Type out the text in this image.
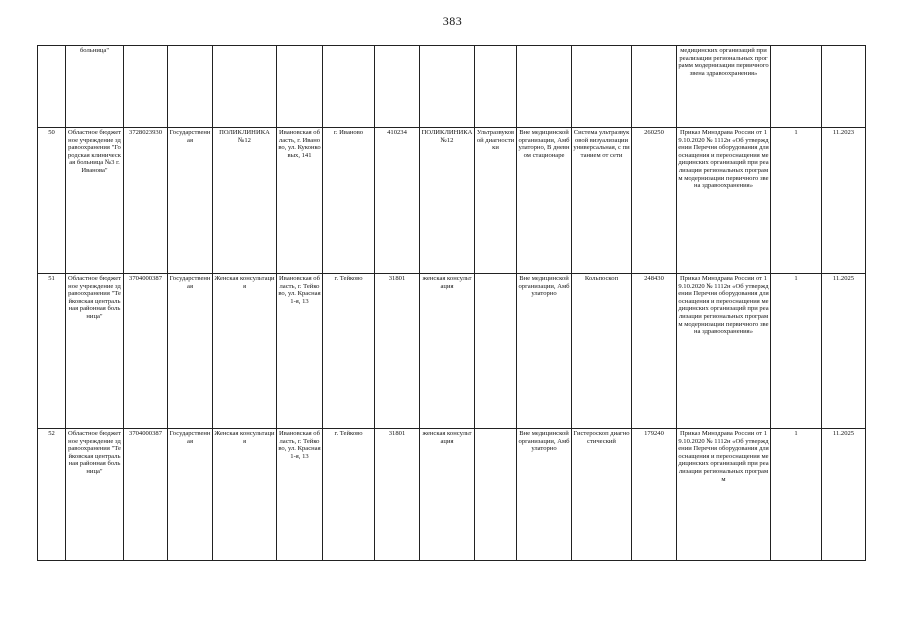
383
	больница"												медицинских организаций при реализации региональных программ модернизации первичного звена здравоохранения»		
50	Областное бюджетное учреждение здравоохранения "Городская клиническая больница №3 г. Иванова"	3728023930	Государственная	ПОЛИКЛИНИКА №12	Ивановская область, г. Иваново, ул. Куконковых, 141	г. Иваново	410234	ПОЛИКЛИНИКА №12	Ультразвуковой диагностики	Вне медицинской организации, Амбулаторно, В дневном стационаре	Система ультразвуковой визуализации универсальная, с питанием от сети	260250	Приказ Минздрава России от 19.10.2020 № 1112н «Об утверждении Перечня оборудования для оснащения и переоснащения медицинских организаций при реализации региональных программ модернизации первичного звена здравоохранения»	1	11.2023
51	Областное бюджетное учреждение здравоохранения "Тейковская центральная районная больница"	3704000387	Государственная	Женская консультация	Ивановская область, г. Тейково, ул. Красная 1-я, 13	г. Тейково	31801	женская консультация		Вне медицинской организации, Амбулаторно	Кольпоскоп	248430	Приказ Минздрава России от 19.10.2020 № 1112н «Об утверждении Перечня оборудования для оснащения и переоснащения медицинских организаций при реализации региональных программ модернизации первичного звена здравоохранения»	1	11.2025
52	Областное бюджетное учреждение здравоохранения "Тейковская центральная районная больница"	3704000387	Государственная	Женская консультация	Ивановская область, г. Тейково, ул. Красная 1-я, 13	г. Тейково	31801	женская консультация		Вне медицинской организации, Амбулаторно	Гистероскоп диагностический	179240	Приказ Минздрава России от 19.10.2020 № 1112н «Об утверждении Перечня оборудования для оснащения и переоснащения медицинских организаций при реализации региональных программ	1	11.2025
